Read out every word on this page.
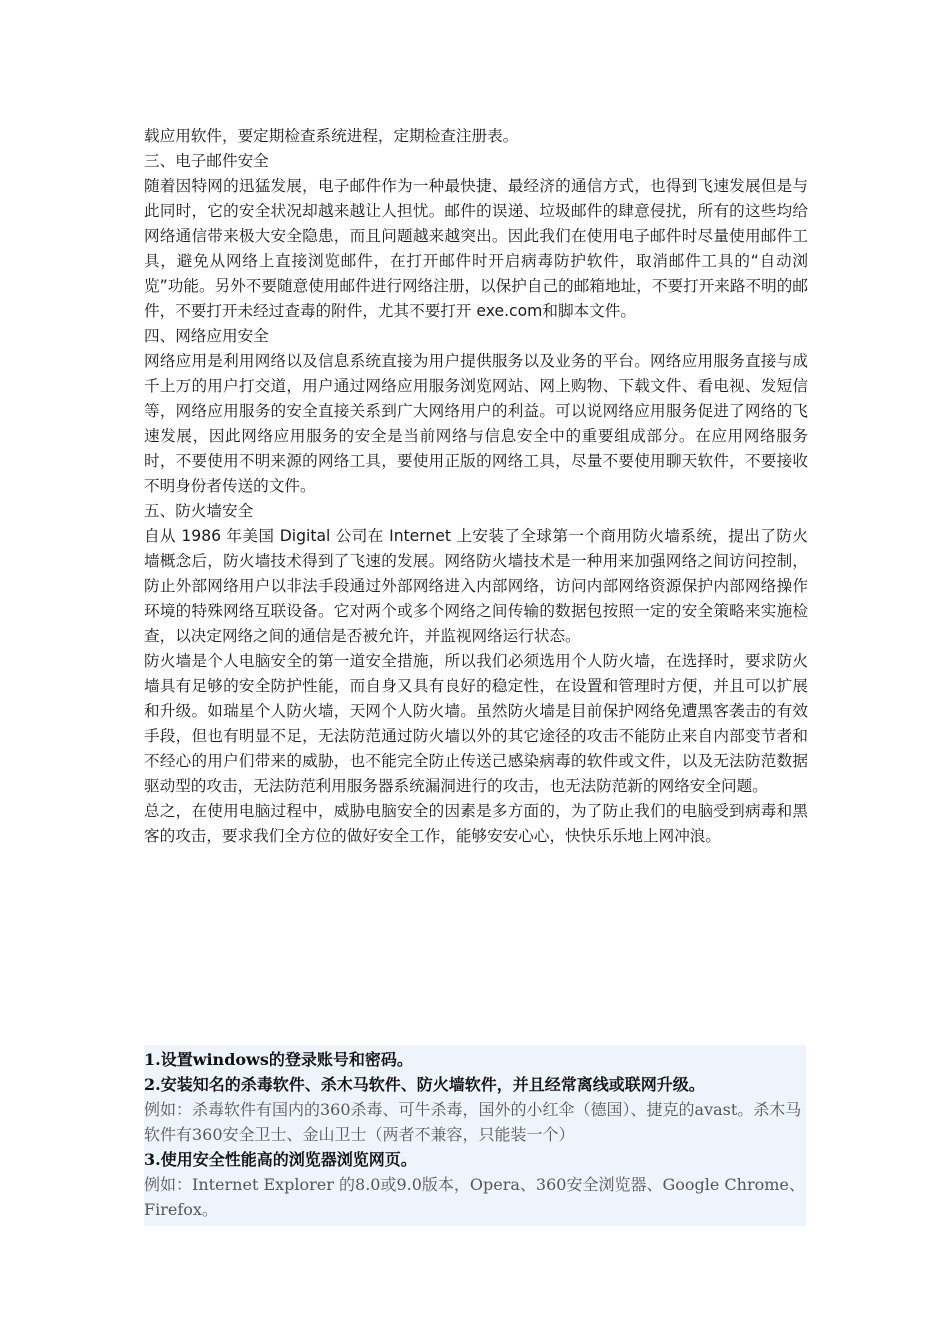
载应用软件，要定期检查系统进程，定期检查注册表。

三、电子邮件安全

随着因特网的迅猛发展，电子邮件作为一种最快捷、最经济的通信方式，也得到飞速发展但是与此同时，它的安全状况却越来越让人担忧。邮件的误递、垃圾邮件的肆意侵扰，所有的这些均给网络通信带来极大安全隐患，而且问题越来越突出。因此我们在使用电子邮件时尽量使用邮件工具，避免从网络上直接浏览邮件，在打开邮件时开启病毒防护软件，取消邮件工具的“自动浏览”功能。另外不要随意使用邮件进行网络注册，以保护自己的邮箱地址，不要打开来路不明的邮件，不要打开未经过查毒的附件，尤其不要打开 exe.com和脚本文件。

四、网络应用安全

网络应用是利用网络以及信息系统直接为用户提供服务以及业务的平台。网络应用服务直接与成千上万的用户打交道，用户通过网络应用服务浏览网站、网上购物、下载文件、看电视、发短信等，网络应用服务的安全直接关系到广大网络用户的利益。可以说网络应用服务促进了网络的飞速发展，因此网络应用服务的安全是当前网络与信息安全中的重要组成部分。在应用网络服务时，不要使用不明来源的网络工具，要使用正版的网络工具，尽量不要使用聊天软件，不要接收不明身份者传送的文件。

五、防火墙安全

自从 1986 年美国 Digital 公司在 Internet 上安装了全球第一个商用防火墙系统，提出了防火墙概念后，防火墙技术得到了飞速的发展。网络防火墙技术是一种用来加强网络之间访问控制，防止外部网络用户以非法手段通过外部网络进入内部网络，访问内部网络资源保护内部网络操作环境的特殊网络互联设备。它对两个或多个网络之间传输的数据包按照一定的安全策略来实施检查，以决定网络之间的通信是否被允许，并监视网络运行状态。

防火墙是个人电脑安全的第一道安全措施，所以我们必须选用个人防火墙，在选择时，要求防火墙具有足够的安全防护性能，而自身又具有良好的稳定性，在设置和管理时方便，并且可以扩展和升级。如瑞星个人防火墙，天网个人防火墙。虽然防火墙是目前保护网络免遭黑客袭击的有效手段，但也有明显不足，无法防范通过防火墙以外的其它途径的攻击不能防止来自内部变节者和不经心的用户们带来的威胁，也不能完全防止传送己感染病毒的软件或文件，以及无法防范数据驱动型的攻击，无法防范利用服务器系统漏洞进行的攻击，也无法防范新的网络安全问题。

总之，在使用电脑过程中，威胁电脑安全的因素是多方面的，为了防止我们的电脑受到病毒和黑客的攻击，要求我们全方位的做好安全工作，能够安安心心，快快乐乐地上网冲浪。

1.设置windows的登录账号和密码。

2.安装知名的杀毒软件、杀木马软件、防火墙软件，并且经常离线或联网升级。

例如：杀毒软件有国内的360杀毒、可牛杀毒，国外的小红伞（德国）、捷克的avast。杀木马软件有360安全卫士、金山卫士（两者不兼容，只能装一个）

3.使用安全性能高的浏览器浏览网页。

例如：Internet Explorer 的8.0或9.0版本，Opera、360安全浏览器、Google Chrome、Firefox。
